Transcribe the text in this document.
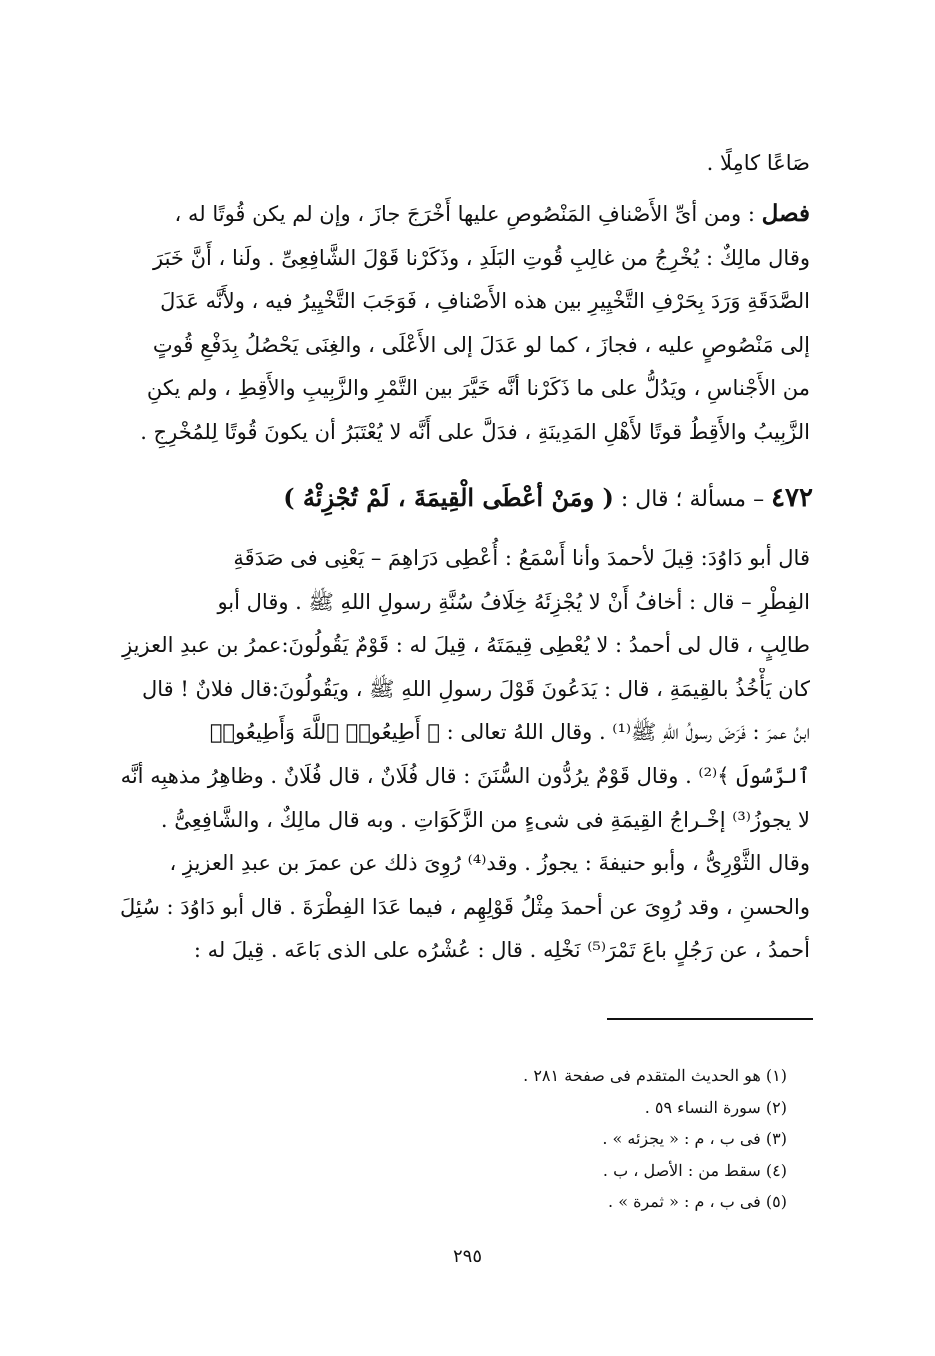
صَاعًا كامِلًا .
فصل : ومن أىِّ الأَصْنافِ المَنْصُوصِ عليها أَخْرَجَ جازَ ، وإن لم يكن قُوتًا له ،
وقال مالِكٌ : يُخْرِجُ من غالِبِ قُوتِ البَلَدِ ، وذَكَرْنا قَوْلَ الشَّافِعِىِّ . ولَنا ، أَنَّ خَبَرَ
الصَّدَقَةِ وَرَدَ بِحَرْفِ التَّخْيِيرِ بين هذه الأَصْنافِ ، فَوَجَبَ التَّخْيِيرُ فيه ، ولأَنَّه عَدَلَ
إلى مَنْصُوصٍ عليه ، فجازَ ، كما لو عَدَلَ إلى الأَعْلَى ، والغِنَى يَحْصُلُ بِدَفْعِ قُوتٍ
من الأَجْناسِ ، ويَدُلُّ على ما ذَكَرْنا أنَّه خَيَّرَ بين التَّمْرِ والزَّبِيبِ والأَقِطِ ، ولم يكنِ
الزَّبِيبُ والأَقِطُ قوتًا لأَهْلِ المَدِينَةِ ، فدَلَّ على أَنَّه لا يُعْتَبَرُ أن يكونَ قُوتًا لِلمُخْرِجِ .
٤٧٢ – مسألة ؛ قال : ( ومَنْ أعْطَى الْقِيمَةَ ، لَمْ تُجْزِئْهُ )
قال أبو دَاوُدَ: قِيلَ لأحمدَ وأنا أَسْمَعُ : أُعْطِى دَرَاهِمَ – يَعْنِى فى صَدَقَةِ
الفِطْرِ – قال : أخافُ أَنْ لا يُجْزِئَهُ خِلَافُ سُنَّةِ رسولِ اللهِ ﷺ . وقال أبو
طالِبٍ ، قال لى أحمدُ : لا يُعْطِى قِيمَتَهُ ، قِيلَ له : قَوْمٌ يَقُولُونَ:عمرُ بن عبدِ العزيزِ
كان يَأْخُذُ بالقِيمَةِ ، قال : يَدَعُونَ قَوْلَ رسولِ اللهِ ﷺ ، ويَقُولُونَ:قال فلانٌ ! قال
ابنُ عمرَ : فَرَضَ رسولُ اللهِ ﷺ⁽¹⁾ . وقال اللهُ تعالى : ﴿ أَطِيعُوا۟ ٱللَّهَ وَأَطِيعُوا۟
ٱلرَّسُولَ ﴾⁽²⁾ . وقال قَوْمٌ يرُدُّون السُّنَنَ : قال فُلَانٌ ، قال فُلَانٌ . وظاهِرُ مذهبِه أنَّه
لا يجوزُ⁽³⁾ إخْـراجُ القِيمَةِ فى شىءٍ من الزَّكَوَاتِ . وبه قال مالِكٌ ، والشَّافِعِىُّ .
وقال الثَّوْرِىُّ ، وأبو حنيفةَ : يجوزُ . وقد⁽⁴⁾ رُوِىَ ذلك عن عمرَ بن عبدِ العزيزِ ،
والحسنِ ، وقد رُوِىَ عن أحمدَ مِثْلُ قَوْلِهِم ، فيما عَدَا الفِطْرَةَ . قال أبو دَاوُدَ : سُئِلَ
أحمدُ ، عن رَجُلٍ باعَ تَمْرَ⁽⁵⁾ نَخْلِه . قال : عُشْرُه على الذى بَاعَه . قِيلَ له :
(١) هو الحديث المتقدم فى صفحة ٢٨١ .
(٢) سورة النساء ٥٩ .
(٣) فى ب ، م : « يجزئه » .
(٤) سقط من : الأصل ، ب .
(٥) فى ب ، م : « ثمرة » .
٢٩٥
